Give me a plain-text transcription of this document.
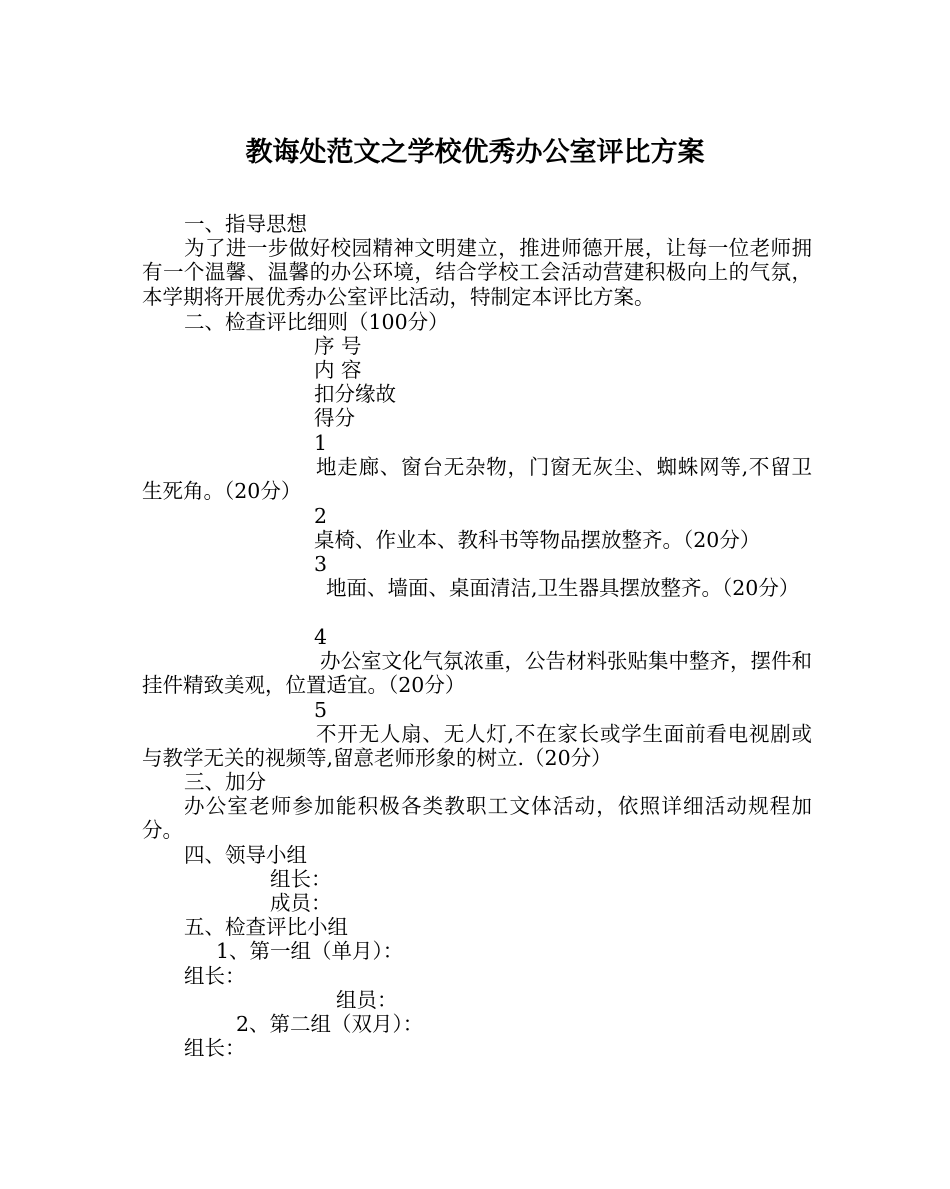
教诲处范文之学校优秀办公室评比方案

一、指导思想

为了进一步做好校园精神文明建立，推进师德开展，让每一位老师拥有一个温馨、温馨的办公环境，结合学校工会活动营建积极向上的气氛，本学期将开展优秀办公室评比活动，特制定本评比方案。

二、检查评比细则（100分）

序 号

内 容

扣分缘故

得分

1

地走廊、窗台无杂物，门窗无灰尘、蜘蛛网等,不留卫生死角。（20分）

2

桌椅、作业本、教科书等物品摆放整齐。（20分）

3

地面、墙面、桌面清洁,卫生器具摆放整齐。（20分）

4

办公室文化气氛浓重，公告材料张贴集中整齐，摆件和挂件精致美观，位置适宜。（20分）

5

不开无人扇、无人灯,不在家长或学生面前看电视剧或与教学无关的视频等,留意老师形象的树立.（20分）

三、加分

办公室老师参加能积极各类教职工文体活动，依照详细活动规程加分。

四、领导小组

组长：

成员：

五、检查评比小组

1、第一组（单月）：

组长：

组员：

2、第二组（双月）：

组长：
